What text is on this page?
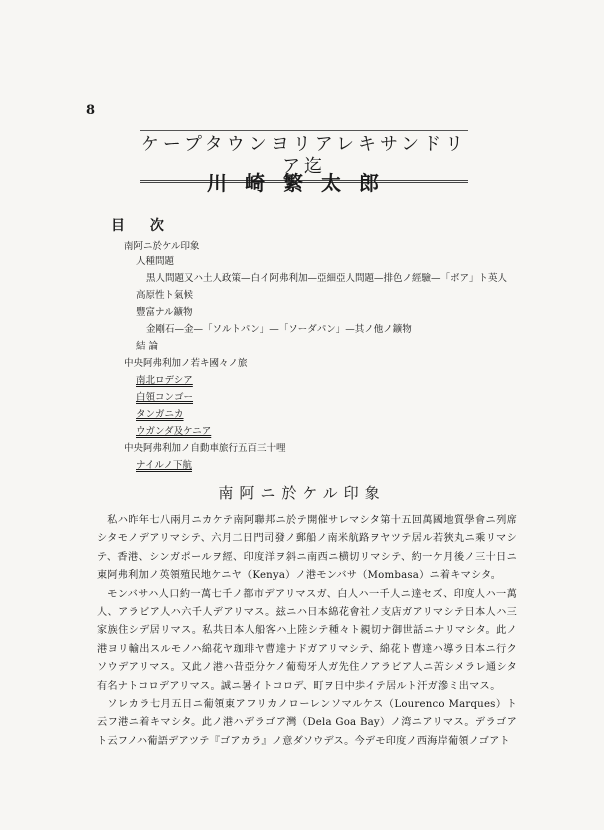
8
ケープタウンヨリアレキサンドリア迄
川崎繁太郎
目 次
南阿ニ於ケル印象
人種問題
黒人問題又ハ土人政策—白イ阿弗利加—亞細亞人問題—排色ノ經驗—「ボア」ト英人
高原性ト氣候
豐富ナル鑛物
金剛石—金—「ソルトパン」—「ソーダパン」—其ノ他ノ鑛物
結 論
中央阿弗利加ノ若キ國々ノ旅
南北ロデシア
白領コンゴー
タンガニカ
ウガンダ及ケニア
中央阿弗利加ノ自動車旅行五百三十哩
ナイルノ下航
南阿ニ於ケル印象

私ハ昨年七八兩月ニカケテ南阿聯邦ニ於テ開催サレマシタ第十五回萬國地質學會ニ列席シタモノデアリマシテ、六月二日門司發ノ郵船ノ南米航路ヲヤツテ居ル若狹丸ニ乘リマシテ、香港、シンガポールヲ經、印度洋ヲ斜ニ南西ニ横切リマシテ、約一ケ月後ノ三十日ニ東阿弗利加ノ英領殖民地ケニヤ（Kenya）ノ港モンバサ（Mombasa）ニ着キマシタ。

モンバサハ人口約一萬七千ノ都市デアリマスガ、白人ハ一千人ニ達セズ、印度人ハ一萬人、アラビア人ハ六千人デアリマス。玆ニハ日本綿花會社ノ支店ガアリマシテ日本人ハ三家族住シデ居リマス。私共日本人船客ハ上陸シテ種々ト親切ナ御世話ニナリマシタ。此ノ港ヨリ輸出スルモノハ綿花ヤ珈琲ヤ曹達ナドガアリマシテ、綿花ト曹達ハ導ラ日本ニ行クソウデアリマス。又此ノ港ハ昔亞分ケノ葡萄牙人ガ先住ノアラビア人ニ苦シメラレ通シタ有名ナトコロデアリマス。誠ニ暑イトコロデ、町ヲ日中歩イテ居ルト汗ガ滲ミ出マス。

ソレカラ七月五日ニ葡領東アフリカノローレンソマルケス（Lourenco Marques）ト云フ港ニ着キマシタ。此ノ港ハデラゴア灣（Dela Goa Bay）ノ湾ニアリマス。デラゴアト云フノハ葡語デアツテ『ゴアカラ』ノ意ダソウデス。今デモ印度ノ西海岸葡領ノゴアト
